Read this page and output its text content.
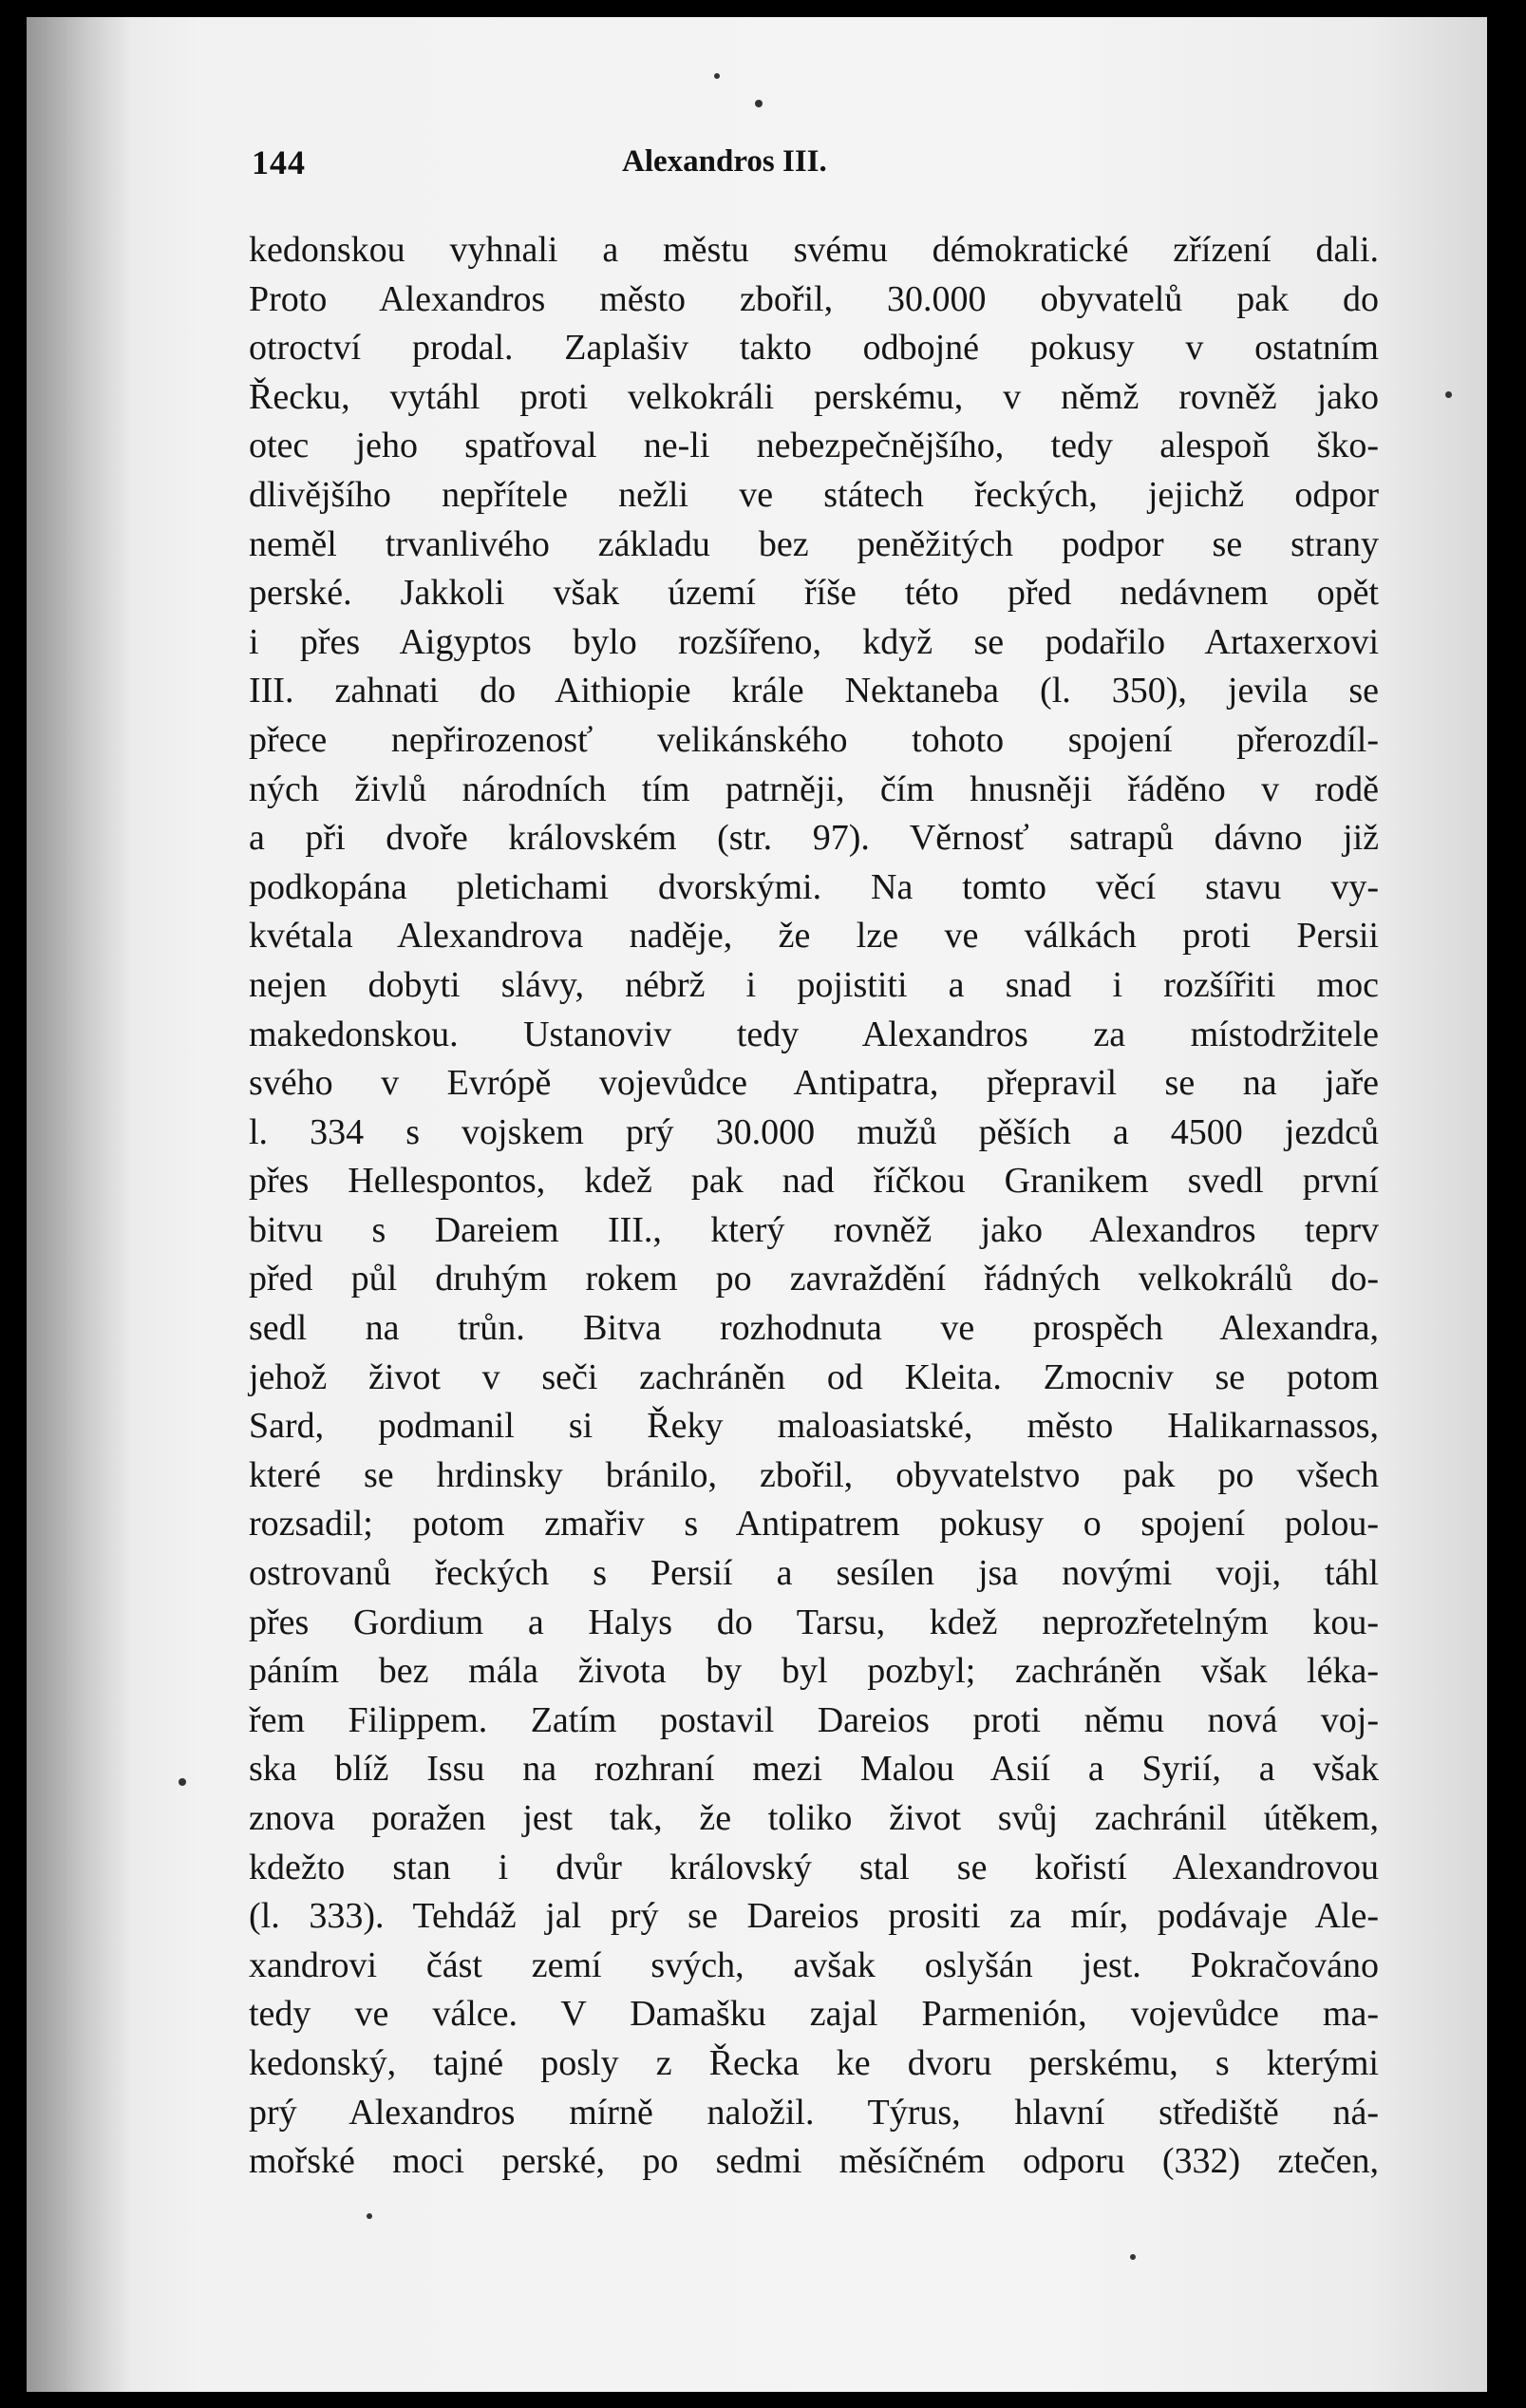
144	Alexandros III.
kedonskou vyhnali a městu svému démokratické zřízení dali.
Proto Alexandros město zbořil, 30.000 obyvatelů pak do
otroctví prodal. Zaplašiv takto odbojné pokusy v ostatním
Řecku, vytáhl proti velkokráli perskému, v němž rovněž jako
otec jeho spatřoval ne-li nebezpečnějšího, tedy alespoň ško-
dlivějšího nepřítele nežli ve státech řeckých, jejichž odpor
neměl trvanlivého základu bez peněžitých podpor se strany
perské. Jakkoli však území říše této před nedávnem opět
i přes Aigyptos bylo rozšířeno, když se podařilo Artaxerxovi
III. zahnati do Aithiopie krále Nektaneba (l. 350), jevila se
přece nepřirozenosť velikánského tohoto spojení přerozdíl-
ných živlů národních tím patrněji, čím hnusněji řáděno v rodě
a při dvoře královském (str. 97). Věrnosť satrapů dávno již
podkopána pletichami dvorskými. Na tomto věcí stavu vy-
kvétala Alexandrova naděje, že lze ve válkách proti Persii
nejen dobyti slávy, nébrž i pojistiti a snad i rozšířiti moc
makedonskou. Ustanoviv tedy Alexandros za místodržitele
svého v Evrópě vojevůdce Antipatra, přepravil se na jaře
l. 334 s vojskem prý 30.000 mužů pěších a 4500 jezdců
přes Hellespontos, kdež pak nad říčkou Granikem svedl první
bitvu s Dareiem III., který rovněž jako Alexandros teprv
před půl druhým rokem po zavraždění řádných velkokrálů do-
sedl na trůn. Bitva rozhodnuta ve prospěch Alexandra,
jehož život v seči zachráněn od Kleita. Zmocniv se potom
Sard, podmanil si Řeky maloasiatské, město Halikarnassos,
které se hrdinsky bránilo, zbořil, obyvatelstvo pak po všech
rozsadil; potom zmařiv s Antipatrem pokusy o spojení polou-
ostrovanů řeckých s Persií a sesílen jsa novými voji, táhl
přes Gordium a Halys do Tarsu, kdež neprozřetelným kou-
páním bez mála života by byl pozbyl; zachráněn však léka-
řem Filippem. Zatím postavil Dareios proti němu nová voj-
ska blíž Issu na rozhraní mezi Malou Asií a Syrií, a však
znova poražen jest tak, že toliko život svůj zachránil útěkem,
kdežto stan i dvůr královský stal se kořistí Alexandrovou
(l. 333). Tehdáž jal prý se Dareios prositi za mír, podávaje Ale-
xandrovi část zemí svých, avšak oslyšán jest. Pokračováno
tedy ve válce. V Damašku zajal Parmenión, vojevůdce ma-
kedonský, tajné posly z Řecka ke dvoru perskému, s kterými
prý Alexandros mírně naložil. Týrus, hlavní střediště ná-
mořské moci perské, po sedmi měsíčném odporu (332) ztečen,
